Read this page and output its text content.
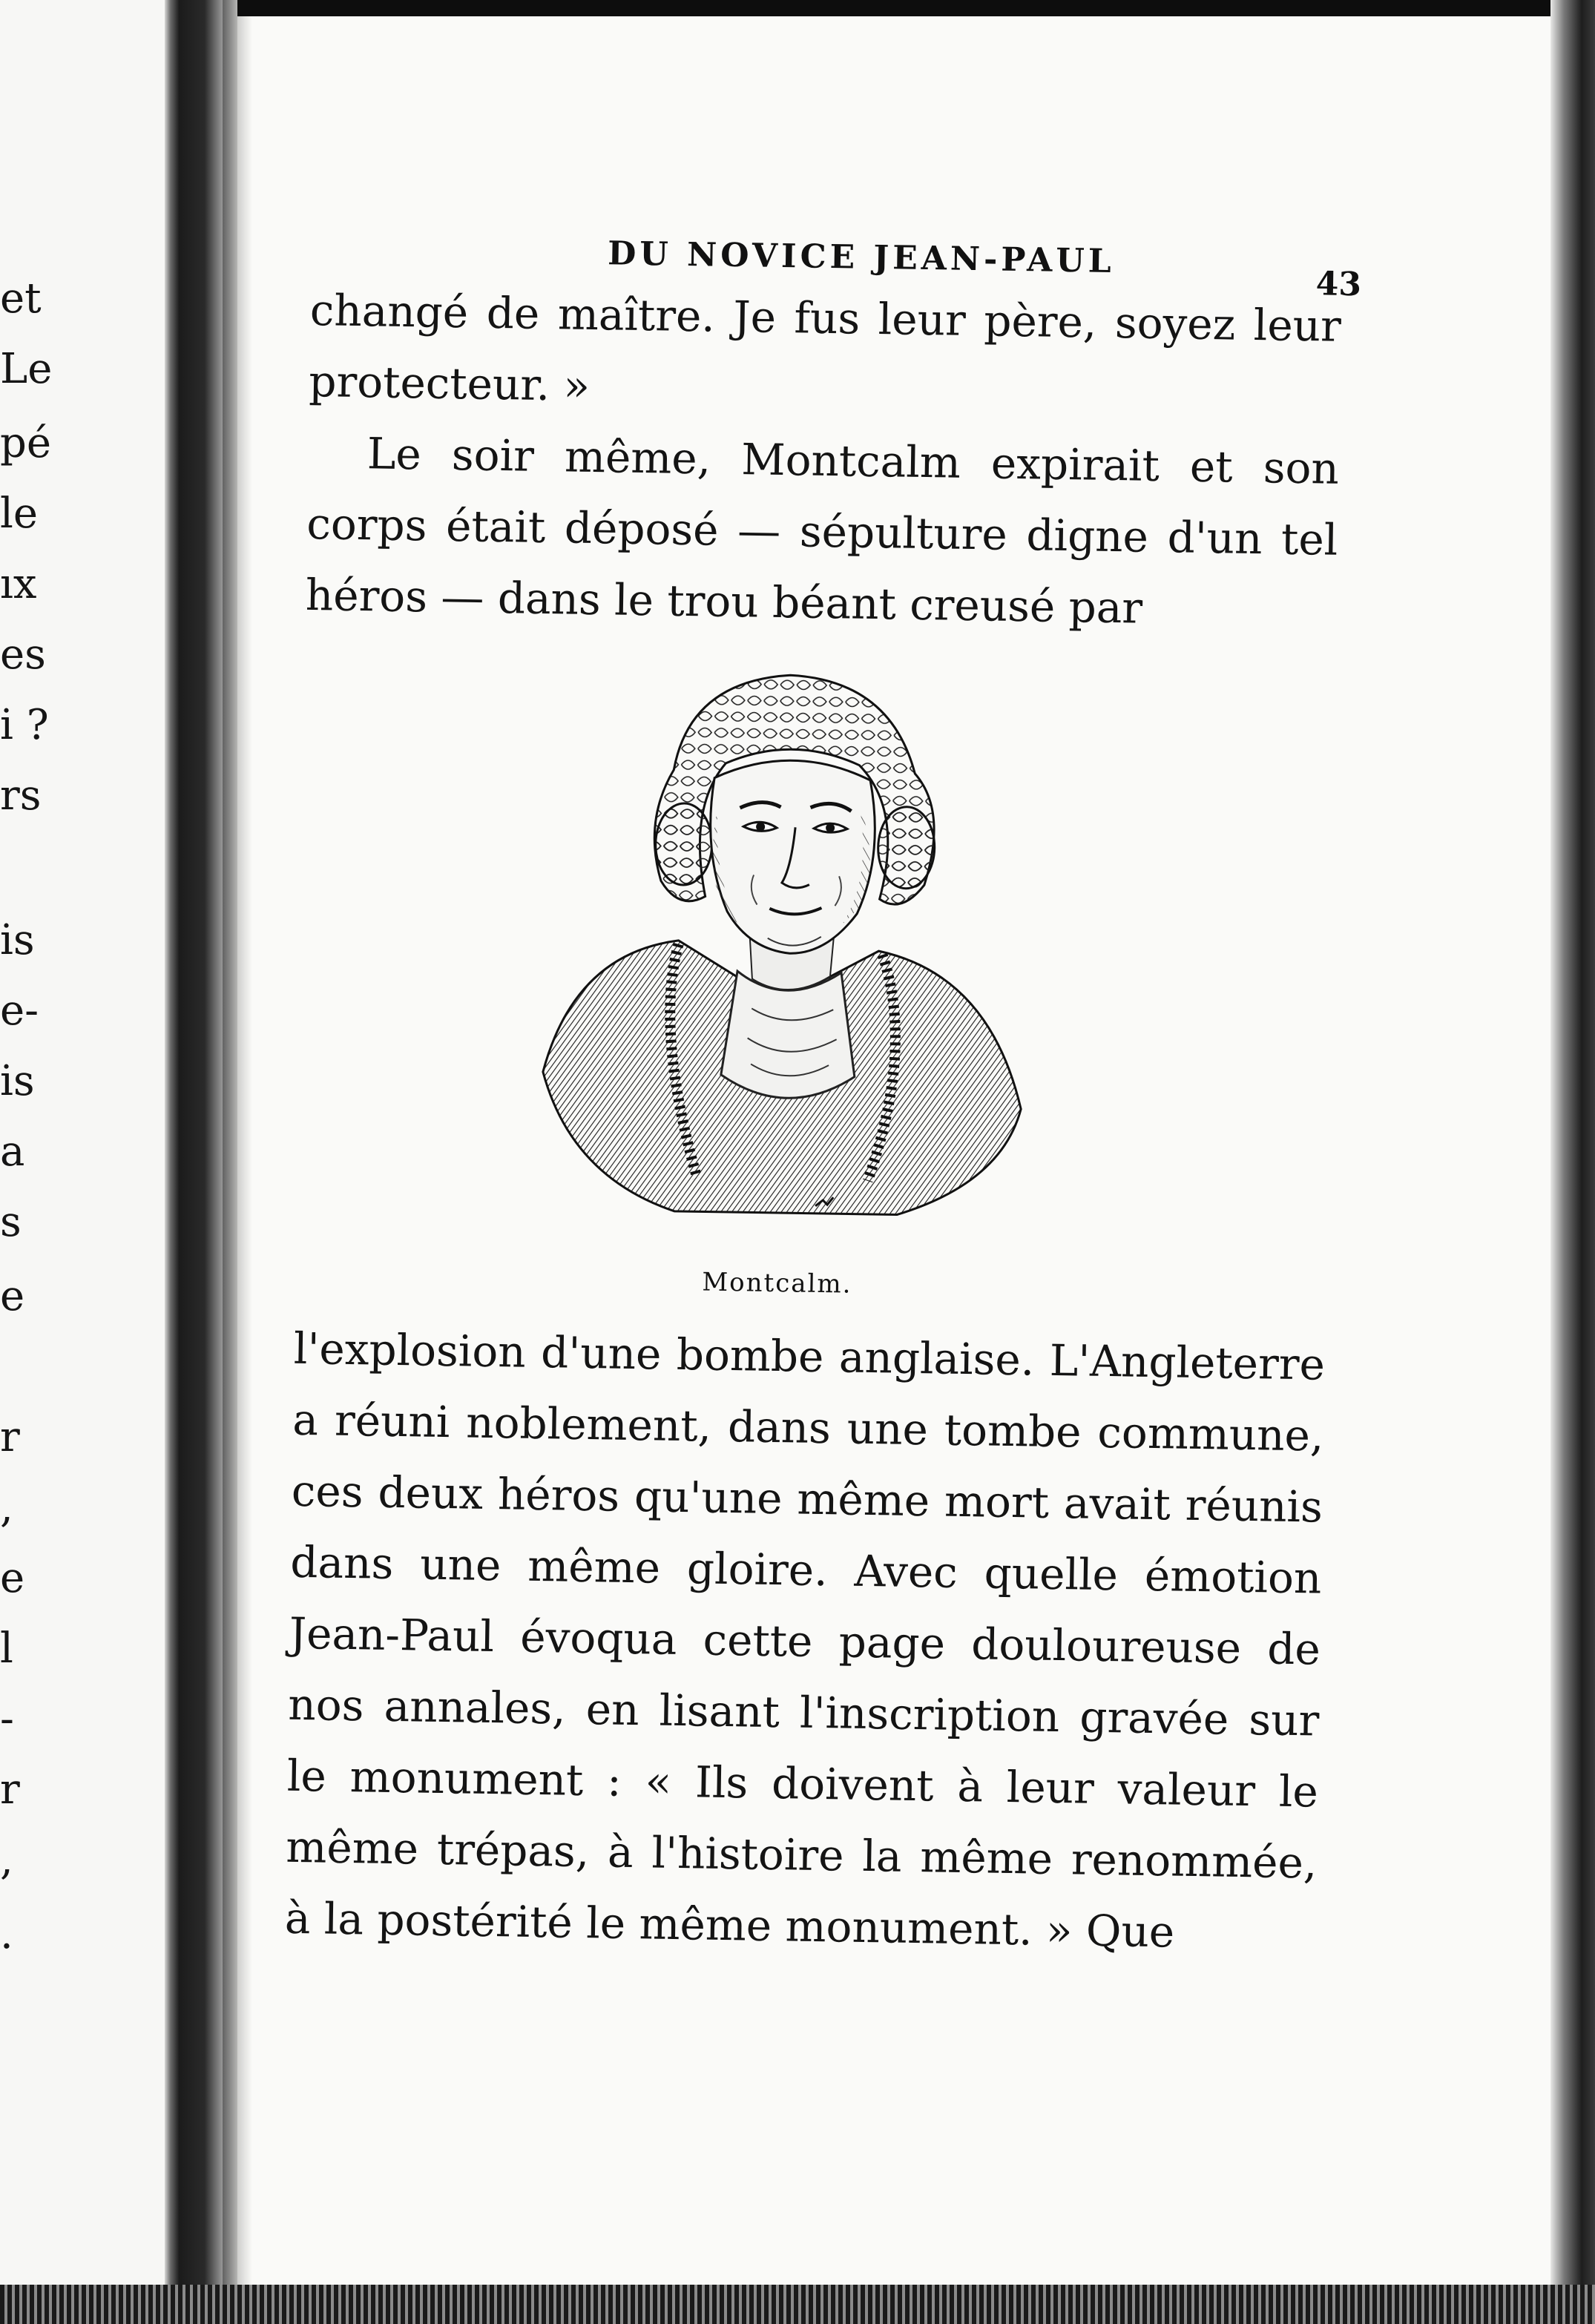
et
Le
pé
le
ıx
es
i ?
rs
is
e-
is
a
s
e
r
,
e
l
-
r
,
.
DU NOVICE JEAN-PAUL
43

changé de maître. Je fus leur père, soyez leur protecteur. »

Le soir même, Montcalm expirait et son corps était déposé — sépulture digne d'un tel héros — dans le trou béant creusé par

Montcalm.

l'explosion d'une bombe anglaise. L'Angleterre a réuni noblement, dans une tombe commune, ces deux héros qu'une même mort avait réunis dans une même gloire. Avec quelle émotion Jean-Paul évoqua cette page douloureuse de nos annales, en lisant l'inscription gravée sur le monument : « Ils doivent à leur valeur le même trépas, à l'histoire la même renommée, à la postérité le même monument. » Que
